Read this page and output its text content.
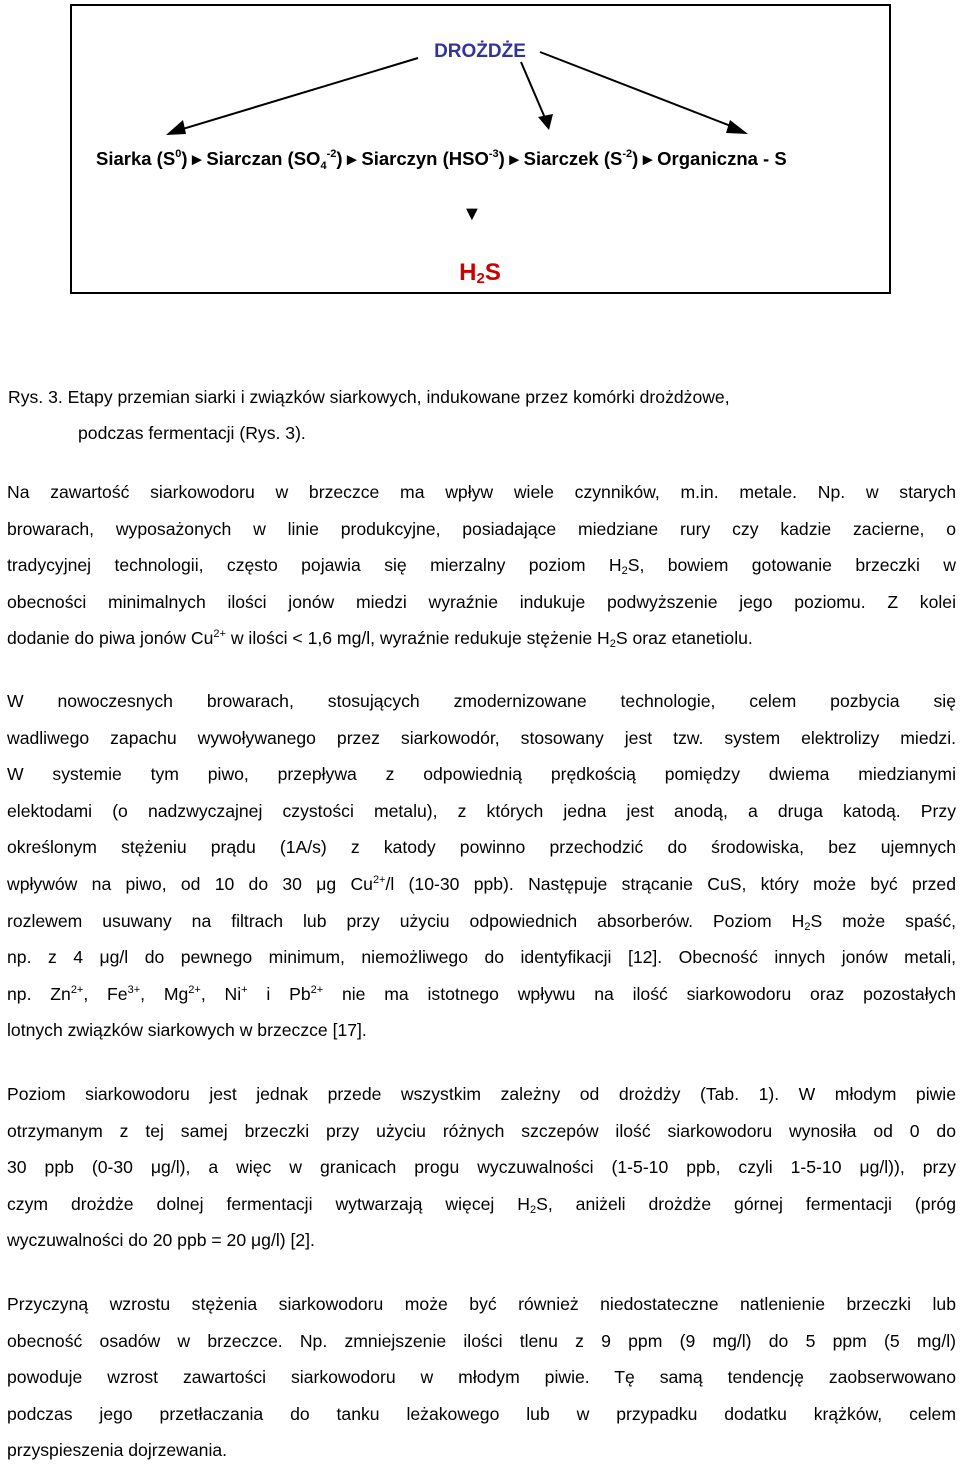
DROŻDŻE
Siarka $(S^0)►Siarczan$ $(SO_4^{-2})►Siarczyn$ $(HSO^{-3})►Siarczek$ $(S^{-2})►Organiczna$ - S
▼
$H_2S$
Rys. 3. Etapy przemian siarki i związków siarkowych, indukowane przez komórki drożdżowe,
podczas fermentacji (Rys. 3).
Na zawartość siarkowodoru w brzeczce ma wpływ wiele czynników, m.in. metale. Np. w starych
browarach, wyposażonych w linie produkcyjne, posiadające miedziane rury czy kadzie zacierne, o
tradycyjnej technologii, często pojawia się mierzalny poziom $H_2S$, bowiem gotowanie brzeczki w
obecności minimalnych ilości jonów miedzi wyraźnie indukuje podwyższenie jego poziomu. Z kolei
dodanie do piwa jonów $Cu^{2+}$ w ilości < 1,6 mg/l, wyraźnie redukuje stężenie $H_2S$ oraz etanetiolu.
W nowoczesnych browarach, stosujących zmodernizowane technologie, celem pozbycia się
wadliwego zapachu wywoływanego przez siarkowodór, stosowany jest tzw. system elektrolizy miedzi.
W systemie tym piwo, przepływa z odpowiednią prędkością pomiędzy dwiema miedzianymi
elektodami (o nadzwyczajnej czystości metalu), z których jedna jest anodą, a druga katodą. Przy
określonym stężeniu prądu (1A/s) z katody powinno przechodzić do środowiska, bez ujemnych
wpływów na piwo, od 10 do 30 μg $Cu^{2+}/l$ (10-30 ppb). Następuje strącanie CuS, który może być przed
rozlewem usuwany na filtrach lub przy użyciu odpowiednich absorberów. Poziom $H_2S$ może spaść,
np. z 4 μg/l do pewnego minimum, niemożliwego do identyfikacji [12]. Obecność innych jonów metali,
np. $Zn^{2+}$, $Fe^{3+}$, $Mg^{2+}$, Ni+ i $Pb^{2+}$ nie ma istotnego wpływu na ilość siarkowodoru oraz pozostałych
lotnych związków siarkowych w brzeczce [17].
Poziom siarkowodoru jest jednak przede wszystkim zależny od drożdży (Tab. 1). W młodym piwie
otrzymanym z tej samej brzeczki przy użyciu różnych szczepów ilość siarkowodoru wynosiła od 0 do
30 ppb (0-30 μg/l), a więc w granicach progu wyczuwalności (1-5-10 ppb, czyli 1-5-10 μg/l)), przy
czym drożdże dolnej fermentacji wytwarzają więcej $H_2S$, aniżeli drożdże górnej fermentacji (próg
wyczuwalności do 20 ppb = 20 μg/l) [2].
Przyczyną wzrostu stężenia siarkowodoru może być również niedostateczne natlenienie brzeczki lub
obecność osadów w brzeczce. Np. zmniejszenie ilości tlenu z 9 ppm (9 mg/l) do 5 ppm (5 mg/l)
powoduje wzrost zawartości siarkowodoru w młodym piwie. Tę samą tendencję zaobserwowano
podczas jego przetłaczania do tanku leżakowego lub w przypadku dodatku krążków, celem
przyspieszenia dojrzewania.
